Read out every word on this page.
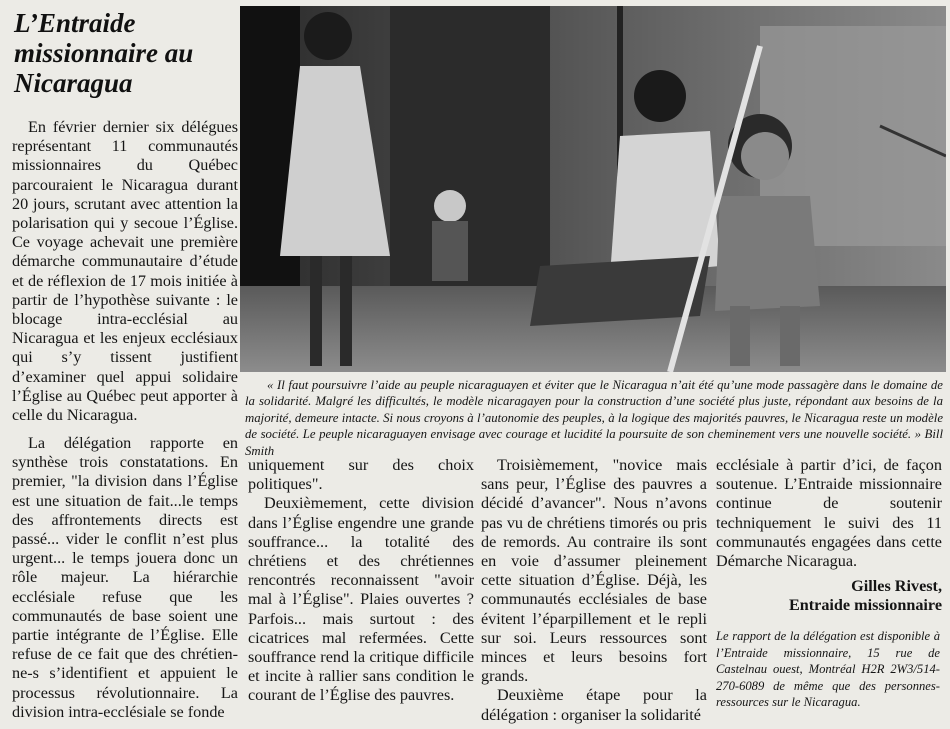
L’Entraide missionnaire au Nicaragua

En février dernier six délégues représentant 11 communautés missionnaires du Québec parcouraient le Nicaragua durant 20 jours, scrutant avec attention la polarisation qui y secoue l’Église. Ce voyage achevait une première démarche communautaire d’étude et de réflexion de 17 mois initiée à partir de l’hypothèse suivante : le blocage intra-ecclésial au Nicaragua et les enjeux ecclésiaux qui s’y tissent justifient d’examiner quel appui solidaire l’Église au Québec peut apporter à celle du Nicaragua.

La délégation rapporte en synthèse trois constatations. En premier, "la division dans l’Église est une situation de fait...le temps des affrontements directs est passé... vider le conflit n’est plus urgent... le temps jouera donc un rôle majeur. La hiérarchie ecclésiale refuse que les communautés de base soient une partie intégrante de l’Église. Elle refuse de ce fait que des chrétien-ne-s s’identifient et appuient le processus révolutionnaire. La division intra-ecclésiale se fonde

« Il faut poursuivre l’aide au peuple nicaraguayen et éviter que le Nicaragua n’ait été qu’une mode passagère dans le domaine de la solidarité. Malgré les difficultés, le modèle nicaragayen pour la construction d’une société plus juste, répondant aux besoins de la majorité, demeure intacte. Si nous croyons à l’autonomie des peuples, à la logique des majorités pauvres, le Nicaragua reste un modèle de société. Le peuple nicaraguayen envisage avec courage et lucidité la poursuite de son cheminement vers une nouvelle société. » Bill Smith

uniquement sur des choix politiques".

Deuxièmement, cette division dans l’Église engendre une grande souffrance... la totalité des chrétiens et des chrétiennes rencontrés reconnaissent "avoir mal à l’Église". Plaies ouvertes ? Parfois... mais surtout : des cicatrices mal refermées. Cette souffrance rend la critique difficile et incite à rallier sans condition le courant de l’Église des pauvres.

Troisièmement, "novice mais sans peur, l’Église des pauvres a décidé d’avancer". Nous n’avons pas vu de chrétiens timorés ou pris de remords. Au contraire ils sont en voie d’assumer pleinement cette situation d’Église. Déjà, les communautés ecclésiales de base évitent l’éparpillement et le repli sur soi. Leurs ressources sont minces et leurs besoins fort grands.

Deuxième étape pour la délégation : organiser la solidarité

ecclésiale à partir d’ici, de façon soutenue. L’Entraide missionnaire continue de soutenir techniquement le suivi des 11 communautés engagées dans cette Démarche Nicaragua.

Gilles Rivest,
Entraide missionnaire

Le rapport de la délégation est disponible à l’Entraide missionnaire, 15 rue de Castelnau ouest, Montréal H2R 2W3/514-270-6089 de même que des personnes-ressources sur le Nicaragua.
